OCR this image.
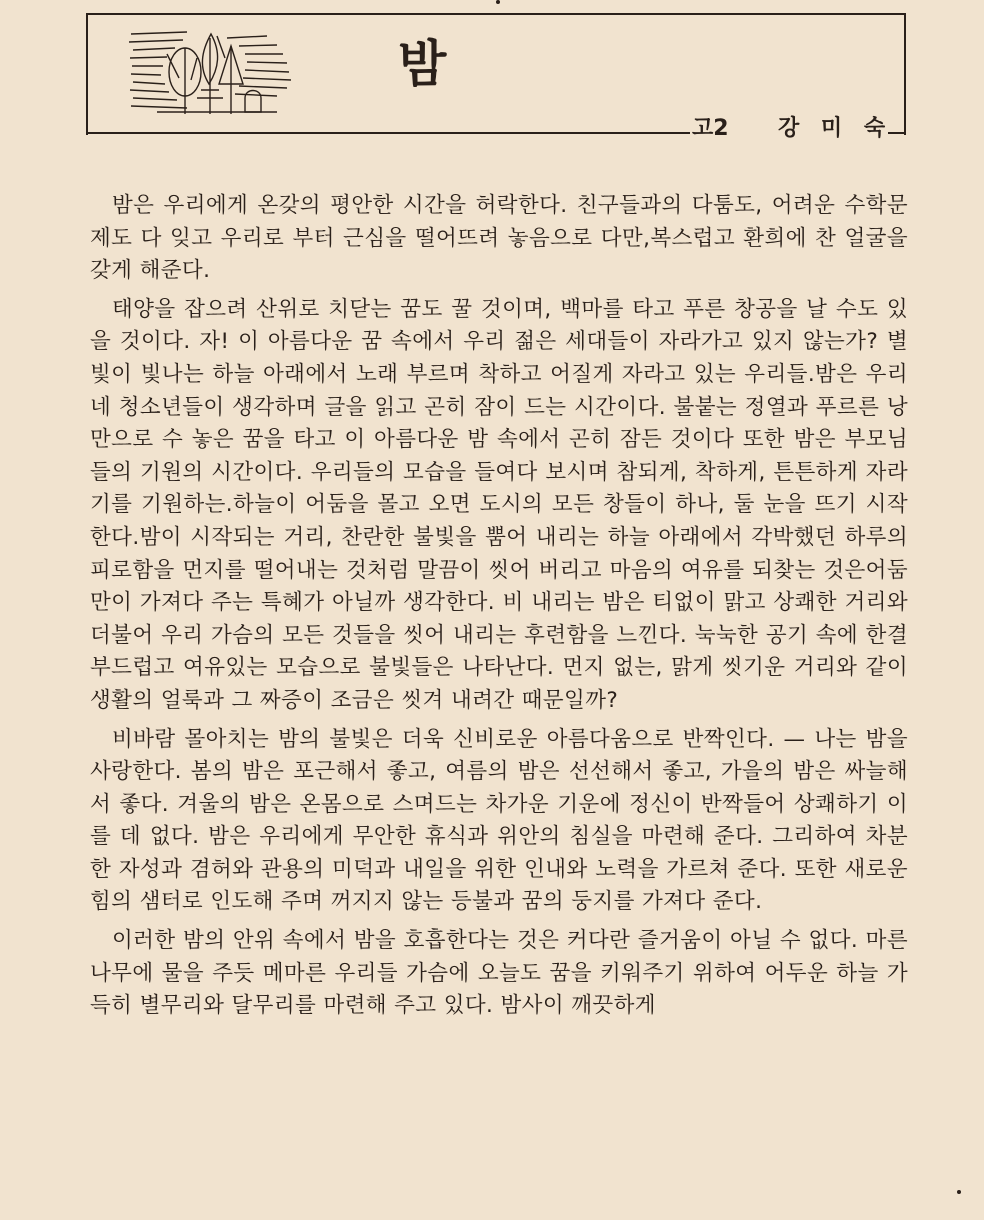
밤
고2 강 미 숙

밤은 우리에게 온갖의 평안한 시간을 허락한다. 친구들과의 다툼도, 어려운 수학문제도 다 잊고 우리로 부터 근심을 떨어뜨려 놓음으로 다만,복스럽고 환희에 찬 얼굴을 갖게 해준다.

태양을 잡으려 산위로 치닫는 꿈도 꿀 것이며, 백마를 타고 푸른 창공을 날 수도 있을 것이다. 자! 이 아름다운 꿈 속에서 우리 젊은 세대들이 자라가고 있지 않는가? 별빛이 빛나는 하늘 아래에서 노래 부르며 착하고 어질게 자라고 있는 우리들.밤은 우리네 청소년들이 생각하며 글을 읽고 곤히 잠이 드는 시간이다. 불붙는 정열과 푸르른 낭만으로 수 놓은 꿈을 타고 이 아름다운 밤 속에서 곤히 잠든 것이다 또한 밤은 부모님들의 기원의 시간이다. 우리들의 모습을 들여다 보시며 참되게, 착하게, 튼튼하게 자라기를 기원하는.하늘이 어둠을 몰고 오면 도시의 모든 창들이 하나, 둘 눈을 뜨기 시작한다.밤이 시작되는 거리, 찬란한 불빛을 뿜어 내리는 하늘 아래에서 각박했던 하루의 피로함을 먼지를 떨어내는 것처럼 말끔이 씻어 버리고 마음의 여유를 되찾는 것은어둠만이 가져다 주는 특혜가 아닐까 생각한다. 비 내리는 밤은 티없이 맑고 상쾌한 거리와 더불어 우리 가슴의 모든 것들을 씻어 내리는 후련함을 느낀다. 눅눅한 공기 속에 한결 부드럽고 여유있는 모습으로 불빛들은 나타난다. 먼지 없는, 맑게 씻기운 거리와 같이 생활의 얼룩과 그 짜증이 조금은 씻겨 내려간 때문일까?

비바람 몰아치는 밤의 불빛은 더욱 신비로운 아름다움으로 반짝인다. — 나는 밤을 사랑한다. 봄의 밤은 포근해서 좋고, 여름의 밤은 선선해서 좋고, 가을의 밤은 싸늘해서 좋다. 겨울의 밤은 온몸으로 스며드는 차가운 기운에 정신이 반짝들어 상쾌하기 이를 데 없다. 밤은 우리에게 무안한 휴식과 위안의 침실을 마련해 준다. 그리하여 차분한 자성과 겸허와 관용의 미덕과 내일을 위한 인내와 노력을 가르쳐 준다. 또한 새로운 힘의 샘터로 인도해 주며 꺼지지 않는 등불과 꿈의 둥지를 가져다 준다.

이러한 밤의 안위 속에서 밤을 호흡한다는 것은 커다란 즐거움이 아닐 수 없다. 마른 나무에 물을 주듯 메마른 우리들 가슴에 오늘도 꿈을 키워주기 위하여 어두운 하늘 가득히 별무리와 달무리를 마련해 주고 있다. 밤사이 깨끗하게
